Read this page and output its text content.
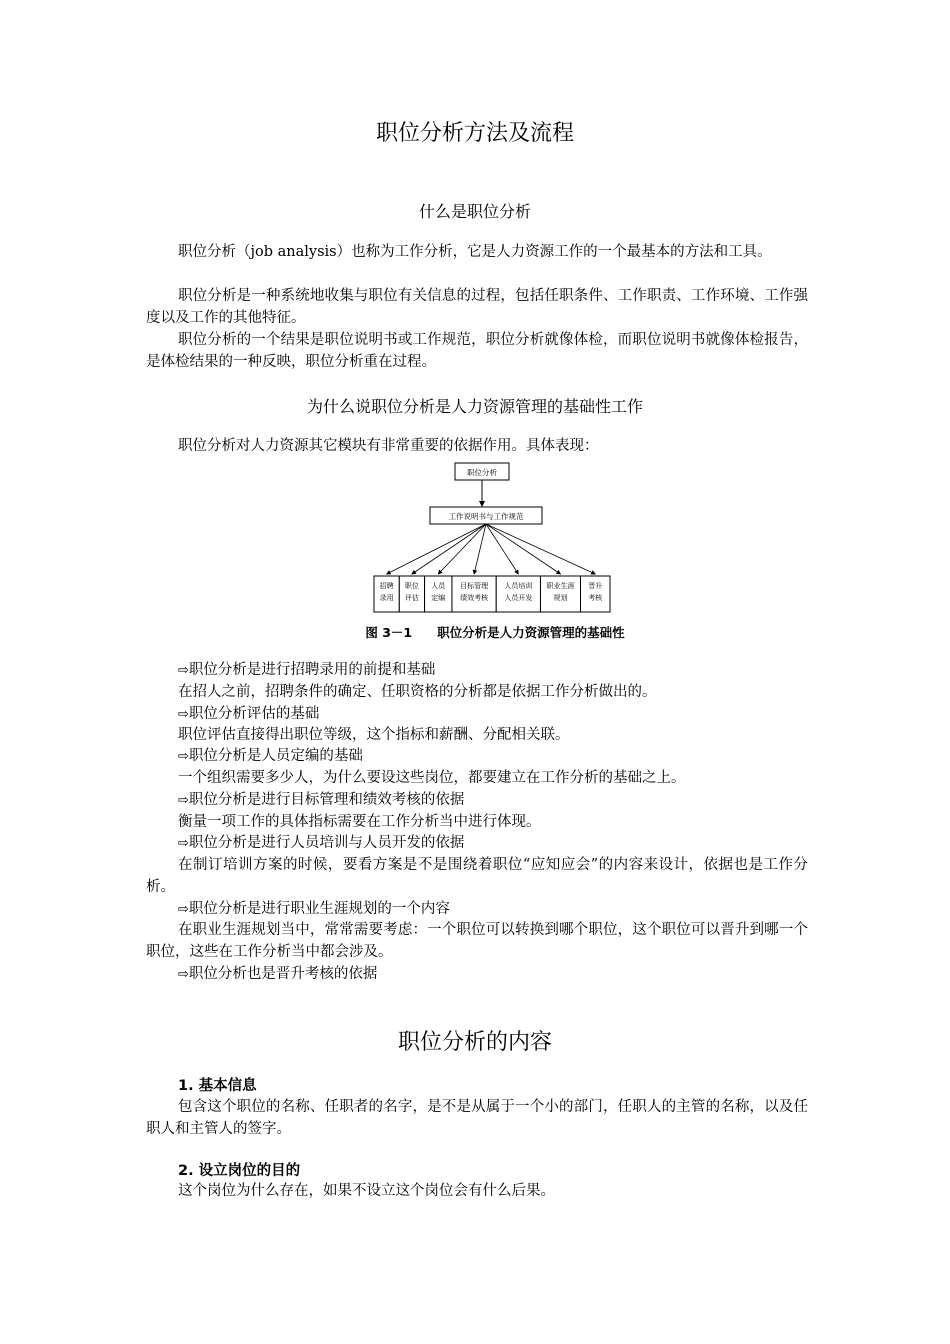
职位分析方法及流程
什么是职位分析

职位分析（job analysis）也称为工作分析，它是人力资源工作的一个最基本的方法和工具。

职位分析是一种系统地收集与职位有关信息的过程，包括任职条件、工作职责、工作环境、工作强度以及工作的其他特征。

职位分析的一个结果是职位说明书或工作规范，职位分析就像体检，而职位说明书就像体检报告，是体检结果的一种反映，职位分析重在过程。

为什么说职位分析是人力资源管理的基础性工作

职位分析对人力资源其它模块有非常重要的依据作用。具体表现：

职位分析
工作说明书与工作规范
招聘
录用
职位
评估
人员
定编
目标管理
绩效考核
人员培训
人员开发
职业生涯
规划
晋升
考核
图 3－1　　职位分析是人力资源管理的基础性

⇨职位分析是进行招聘录用的前提和基础

在招人之前，招聘条件的确定、任职资格的分析都是依据工作分析做出的。

⇨职位分析评估的基础

职位评估直接得出职位等级，这个指标和薪酬、分配相关联。

⇨职位分析是人员定编的基础

一个组织需要多少人，为什么要设这些岗位，都要建立在工作分析的基础之上。

⇨职位分析是进行目标管理和绩效考核的依据

衡量一项工作的具体指标需要在工作分析当中进行体现。

⇨职位分析是进行人员培训与人员开发的依据

在制订培训方案的时候，要看方案是不是围绕着职位“应知应会”的内容来设计，依据也是工作分析。

⇨职位分析是进行职业生涯规划的一个内容

在职业生涯规划当中，常常需要考虑：一个职位可以转换到哪个职位，这个职位可以晋升到哪一个职位，这些在工作分析当中都会涉及。

⇨职位分析也是晋升考核的依据

职位分析的内容
1. 基本信息

包含这个职位的名称、任职者的名字，是不是从属于一个小的部门，任职人的主管的名称，以及任职人和主管人的签字。

2. 设立岗位的目的

这个岗位为什么存在，如果不设立这个岗位会有什么后果。
